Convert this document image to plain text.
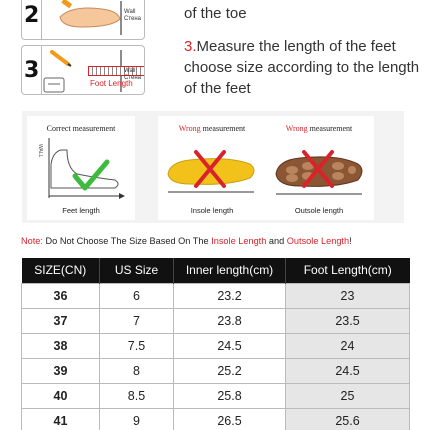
2	Wall
Стена
3	Wall
Стена
Foot Length
of the toe
3.Measure the length of the feet choose size according to the length of the feet
Correct measurement
WALL
Feet length
Wrong measurement
Insole length
Wrong measurement
Outsole length
Note: Do Not Choose The Size Based On The Insole Length and Outsole Length!
SIZE(CN)	US Size	Inner length(cm)	Foot Length(cm)
36	6	23.2	23
37	7	23.8	23.5
38	7.5	24.5	24
39	8	25.2	24.5
40	8.5	25.8	25
41	9	26.5	25.6
